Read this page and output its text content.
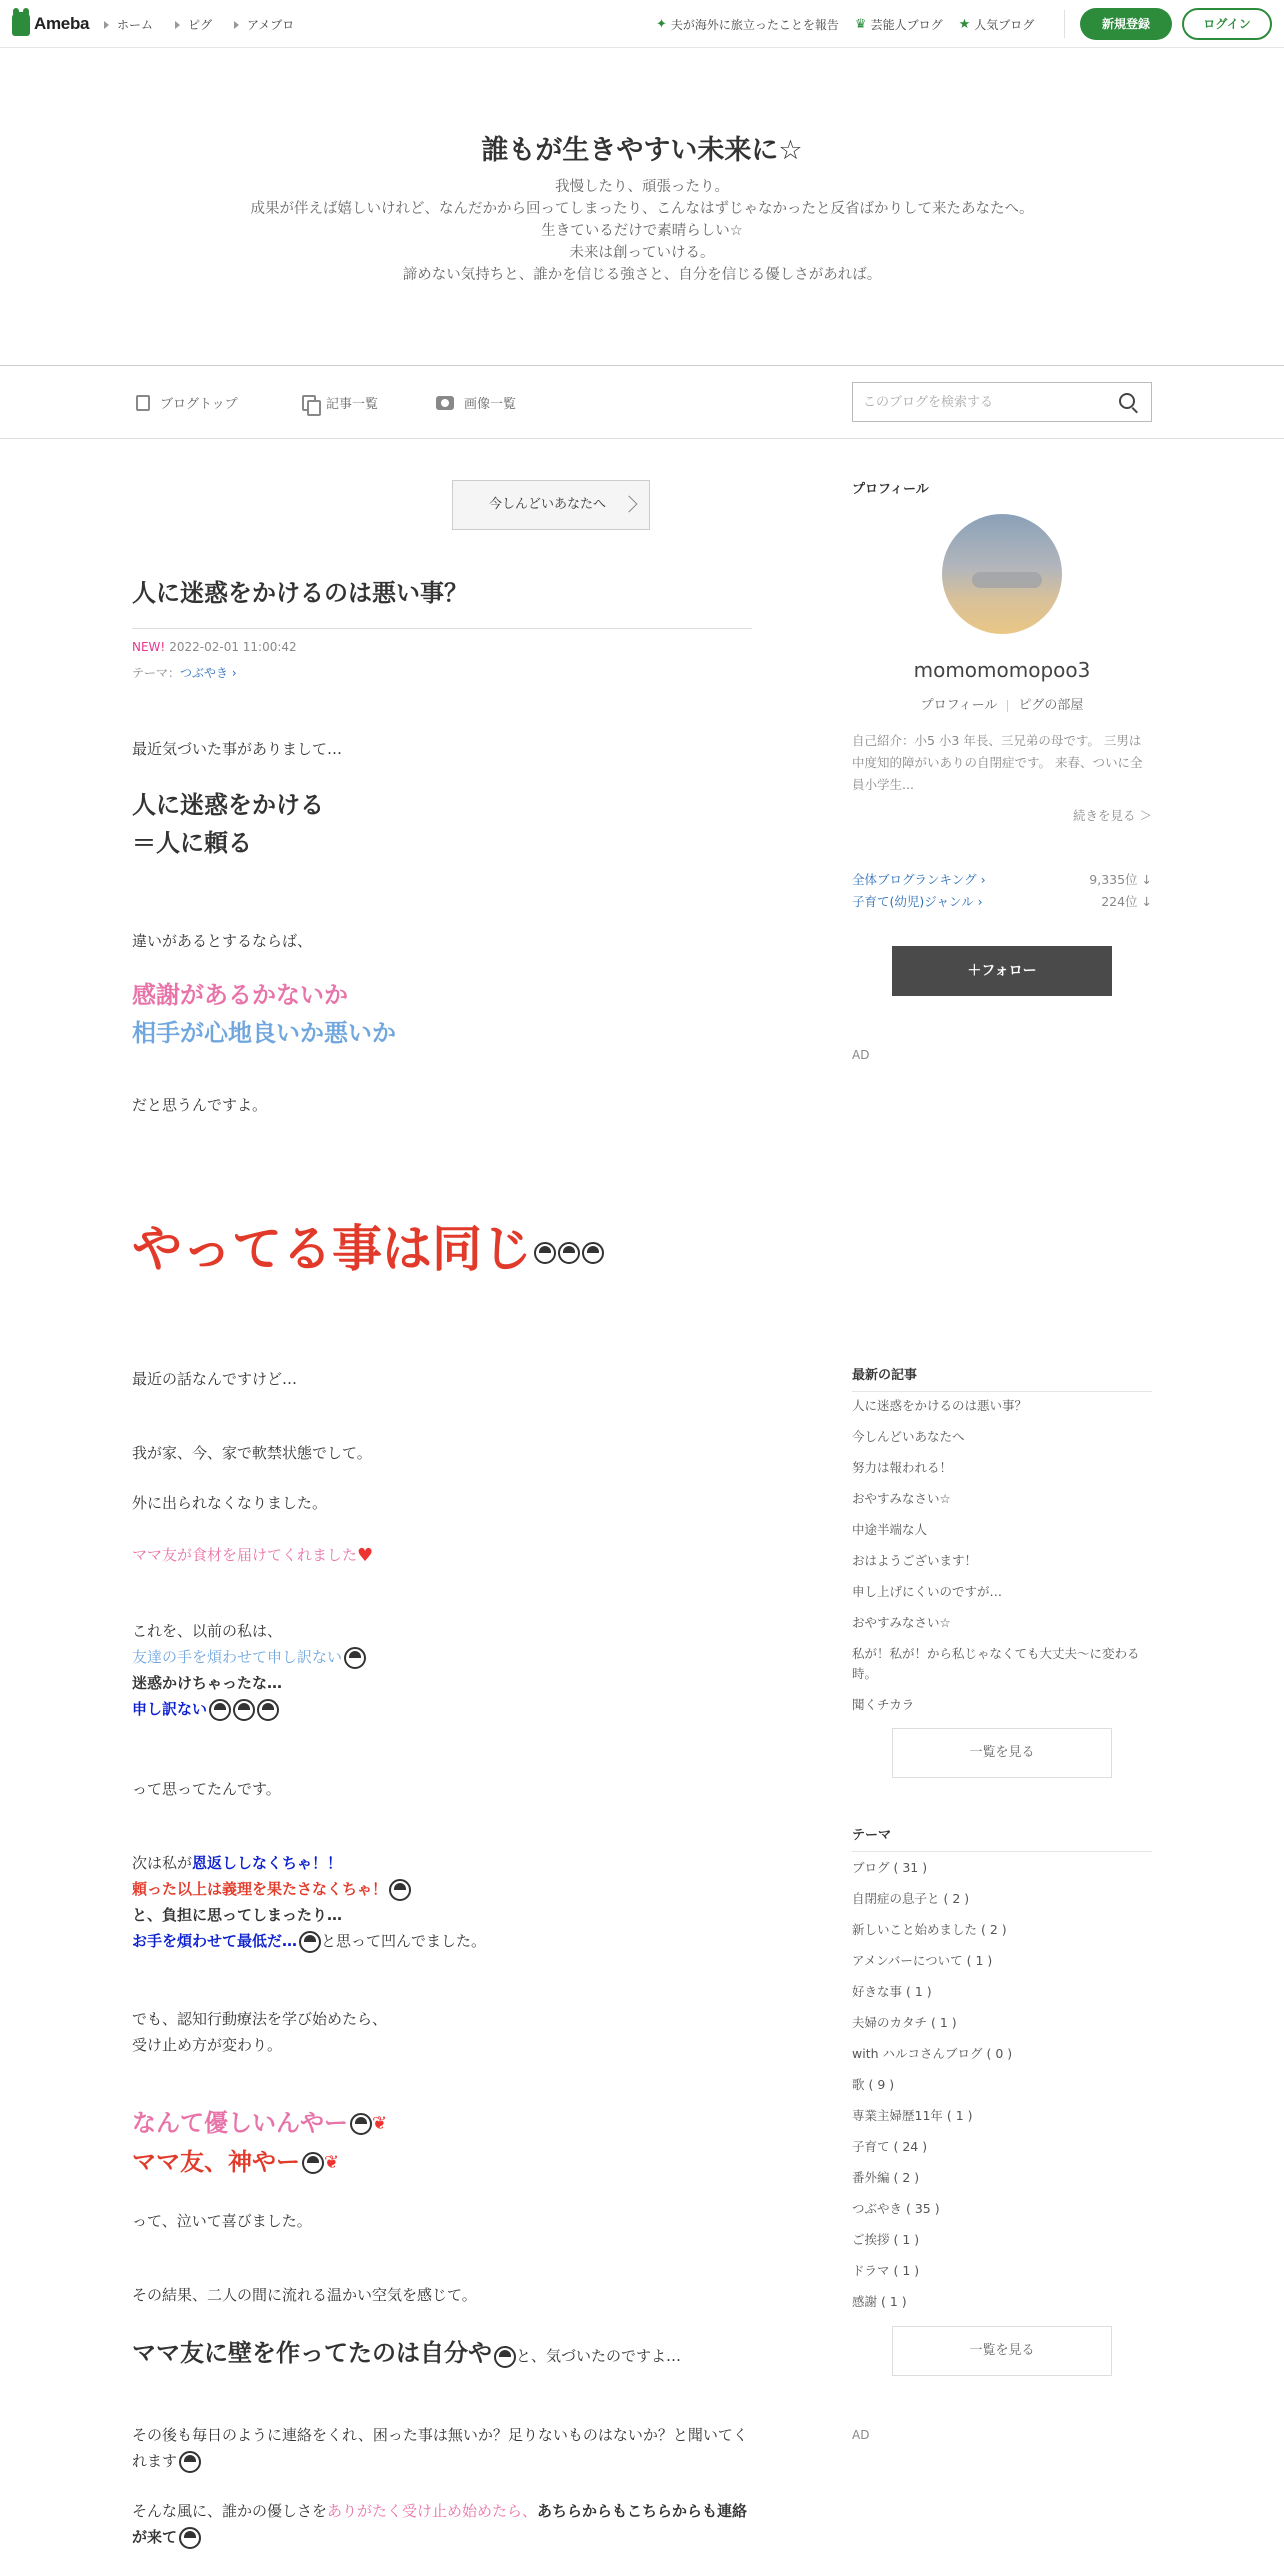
Ameba ホーム	ピグ	アメブロ	✦ 夫が海外に旅立ったことを報告 ♛ 芸能人ブログ ★ 人気ブログ	新規登録	ログイン
誰もが生きやすい未来に☆
我慢したり、頑張ったり。
成果が伴えば嬉しいけれど、なんだかから回ってしまったり、こんなはずじゃなかったと反省ばかりして来たあなたへ。
生きているだけで素晴らしい☆
未来は創っていける。
諦めない気持ちと、誰かを信じる強さと、自分を信じる優しさがあれば。
ブログトップ	記事一覧	画像一覧
このブログを検索する
今しんどいあなたへ
人に迷惑をかけるのは悪い事？
NEW! 2022-02-01 11:00:42
テーマ：つぶやき ›
最近気づいた事がありまして…
人に迷惑をかける
＝人に頼る
違いがあるとするならば、
感謝があるかないか
相手が心地良いか悪いか
だと思うんですよ。
やってる事は同じ
最近の話なんですけど…
我が家、今、家で軟禁状態でして。
外に出られなくなりました。
ママ友が食材を届けてくれました♥
これを、以前の私は、
友達の手を煩わせて申し訳ない
迷惑かけちゃったな…
申し訳ない
って思ってたんです。
次は私が恩返ししなくちゃ！！
頼った以上は義理を果たさなくちゃ！
と、負担に思ってしまったり…
お手を煩わせて最低だ… と思って凹んでました。
でも、認知行動療法を学び始めたら、
受け止め方が変わり。
なんて優しいんやー ❦
ママ友、神やー ❦
って、泣いて喜びました。
その結果、二人の間に流れる温かい空気を感じて。
ママ友に壁を作ってたのは自分や と、気づいたのですよ…
その後も毎日のように連絡をくれ、困った事は無いか？足りないものはないか？と聞いてくれます
そんな風に、誰かの優しさをありがたく受け止め始めたら、あちらからもこちらからも連絡が来て
プロフィール
momomomopoo3
プロフィール ピグの部屋
自己紹介：小5 小3 年長、三兄弟の母です。 三男は中度知的障がいありの自閉症です。 来春、ついに全員小学生...
続きを見る ＞
全体ブログランキング ›	9,335位 ↓
子育て(幼児)ジャンル ›	224位 ↓
＋フォロー
AD
最新の記事
人に迷惑をかけるのは悪い事？
今しんどいあなたへ
努力は報われる！
おやすみなさい☆
中途半端な人
おはようございます！
申し上げにくいのですが…
おやすみなさい☆
私が！私が！から私じゃなくても大丈夫〜に変わる時。
聞くチカラ
一覧を見る
テーマ
ブログ ( 31 )
自閉症の息子と ( 2 )
新しいこと始めました ( 2 )
アメンバーについて ( 1 )
好きな事 ( 1 )
夫婦のカタチ ( 1 )
with ハルコさんブログ ( 0 )
歌 ( 9 )
専業主婦歴11年 ( 1 )
子育て ( 24 )
番外編 ( 2 )
つぶやき ( 35 )
ご挨拶 ( 1 )
ドラマ ( 1 )
感謝 ( 1 )
一覧を見る
AD
